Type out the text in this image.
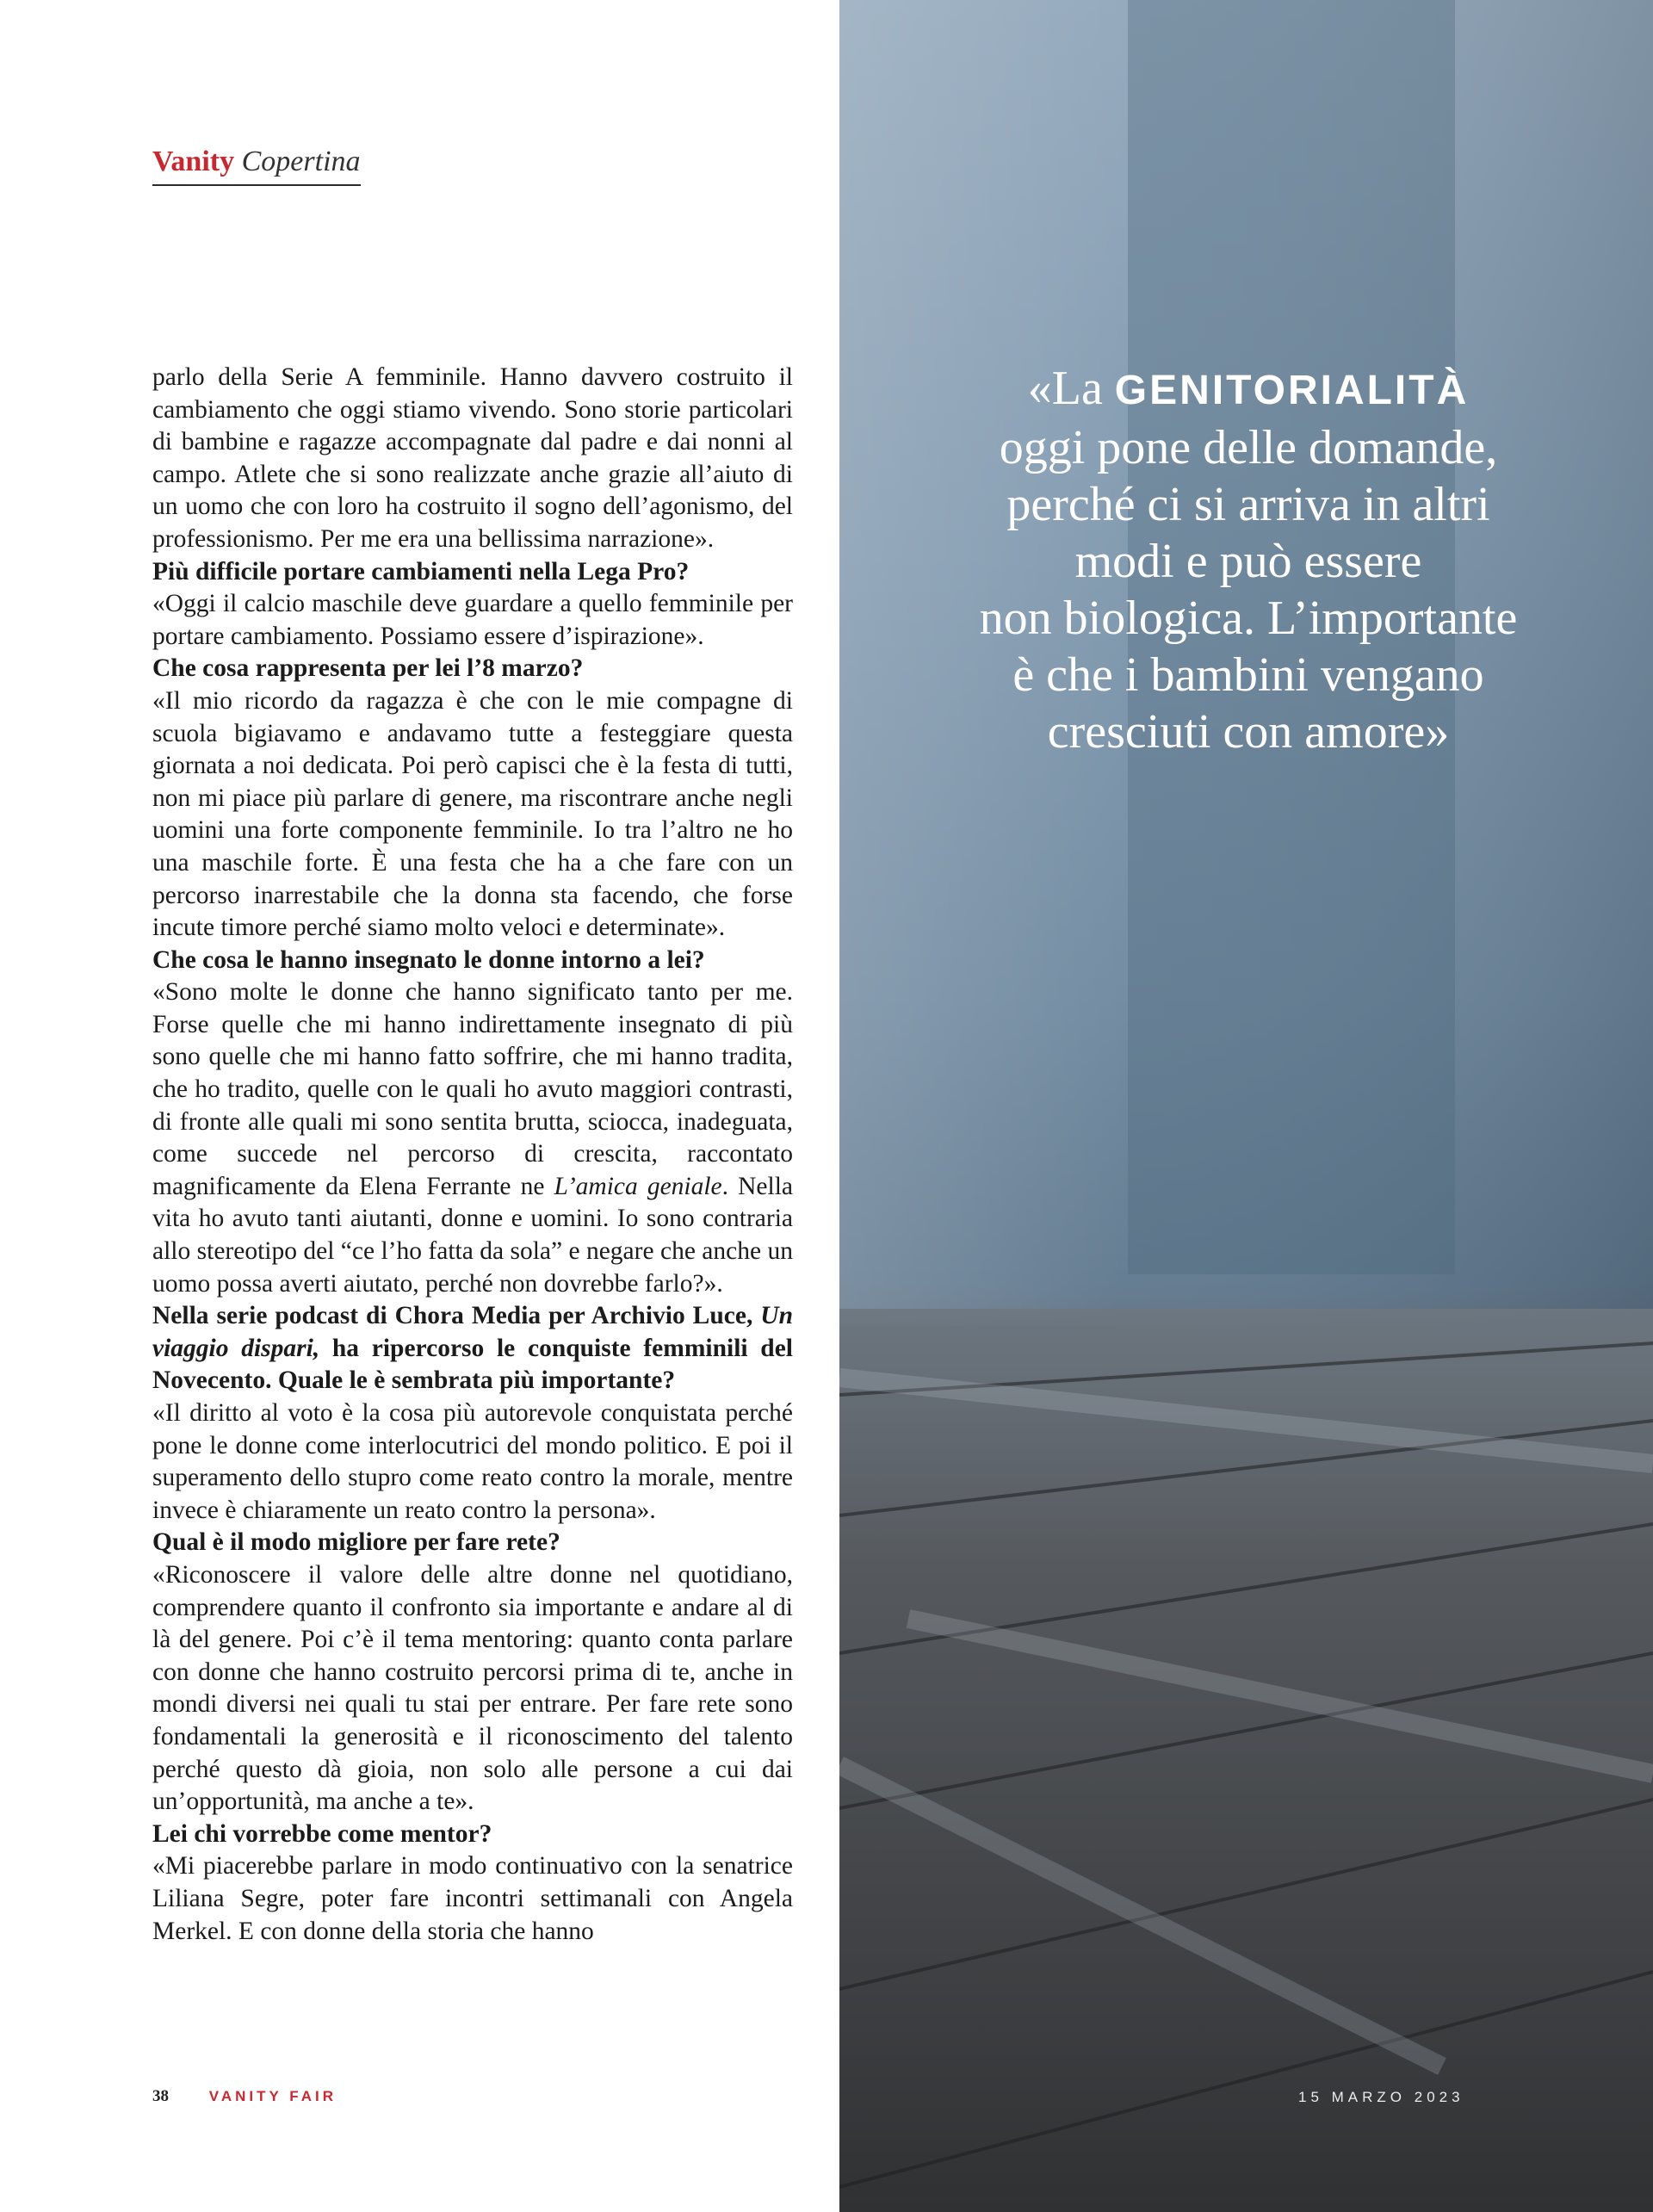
Vanity Copertina

parlo della Serie A femminile. Hanno davvero costruito il cambiamento che oggi stiamo vivendo. Sono storie particolari di bambine e ragazze accompagnate dal padre e dai nonni al campo. Atlete che si sono realizzate anche grazie all’aiuto di un uomo che con loro ha costruito il sogno dell’agonismo, del professionismo. Per me era una bellissima narrazione».

Più difficile portare cambiamenti nella Lega Pro?

«Oggi il calcio maschile deve guardare a quello femminile per portare cambiamento. Possiamo essere d’ispirazione».

Che cosa rappresenta per lei l’8 marzo?

«Il mio ricordo da ragazza è che con le mie compagne di scuola bigiavamo e andavamo tutte a festeggiare questa giornata a noi dedicata. Poi però capisci che è la festa di tutti, non mi piace più parlare di genere, ma riscontrare anche negli uomini una forte componente femminile. Io tra l’altro ne ho una maschile forte. È una festa che ha a che fare con un percorso inarrestabile che la donna sta facendo, che forse incute timore perché siamo molto veloci e determinate».

Che cosa le hanno insegnato le donne intorno a lei?

«Sono molte le donne che hanno significato tanto per me. Forse quelle che mi hanno indirettamente insegnato di più sono quelle che mi hanno fatto soffrire, che mi hanno tradita, che ho tradito, quelle con le quali ho avuto maggiori contrasti, di fronte alle quali mi sono sentita brutta, sciocca, inadeguata, come succede nel percorso di crescita, raccontato magnificamente da Elena Ferrante ne L’amica geniale. Nella vita ho avuto tanti aiutanti, donne e uomini. Io sono contraria allo stereotipo del “ce l’ho fatta da sola” e negare che anche un uomo possa averti aiutato, perché non dovrebbe farlo?».

Nella serie podcast di Chora Media per Archivio Luce, Un viaggio dispari, ha ripercorso le conquiste femminili del Novecento. Quale le è sembrata più importante?

«Il diritto al voto è la cosa più autorevole conquistata perché pone le donne come interlocutrici del mondo politico. E poi il superamento dello stupro come reato contro la morale, mentre invece è chiaramente un reato contro la persona».

Qual è il modo migliore per fare rete?

«Riconoscere il valore delle altre donne nel quotidiano, comprendere quanto il confronto sia importante e andare al di là del genere. Poi c’è il tema mentoring: quanto conta parlare con donne che hanno costruito percorsi prima di te, anche in mondi diversi nei quali tu stai per entrare. Per fare rete sono fondamentali la generosità e il riconoscimento del talento perché questo dà gioia, non solo alle persone a cui dai un’opportunità, ma anche a te».

Lei chi vorrebbe come mentor?

«Mi piacerebbe parlare in modo continuativo con la senatrice Liliana Segre, poter fare incontri settimanali con Angela Merkel. E con donne della storia che hanno

38	VANITY FAIR
«La GENITORIALITÀ
oggi pone delle domande,
perché ci si arriva in altri
modi e può essere
non biologica. L’importante
è che i bambini vengano
cresciuti con amore»
15 MARZO 2023
